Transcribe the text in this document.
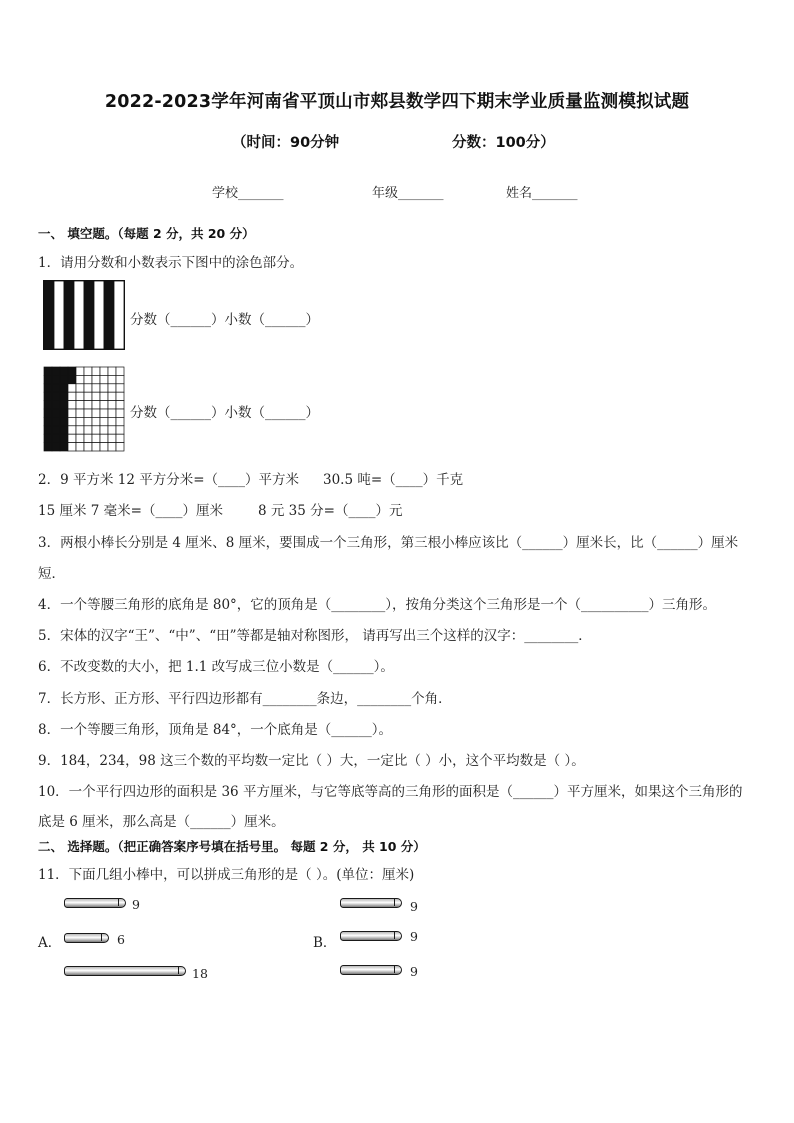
2022-2023学年河南省平顶山市郏县数学四下期末学业质量监测模拟试题
（时间：90分钟	分数：100分）
学校_______	年级_______	姓名_______
一、 填空题。（每题 2 分，共 20 分）
1．请用分数和小数表示下图中的涂色部分。
分数（______）小数（______）
分数（______）小数（______）
2．9 平方米 12 平方分米=（____）平方米 30.5 吨=（____）千克
15 厘米 7 毫米=（____）厘米	8 元 35 分=（____）元
3．两根小棒长分别是 4 厘米、8 厘米，要围成一个三角形，第三根小棒应该比（______）厘米长，比（______）厘米
短．
4．一个等腰三角形的底角是 80°，它的顶角是（________），按角分类这个三角形是一个（__________）三角形。
5．宋体的汉字“王”、“中”、“田”等都是轴对称图形， 请再写出三个这样的汉字：________．
6．不改变数的大小，把 1.1 改写成三位小数是（______）。
7．长方形、正方形、平行四边形都有________条边，________个角．
8．一个等腰三角形，顶角是 84°，一个底角是（______）。
9．184，234，98 这三个数的平均数一定比（ ）大，一定比（ ）小，这个平均数是（ ）。
10．一个平行四边形的面积是 36 平方厘米，与它等底等高的三角形的面积是（______）平方厘米，如果这个三角形的
底是 6 厘米，那么高是（______）厘米。
二、 选择题。（把正确答案序号填在括号里。 每题 2 分， 共 10 分）
11．下面几组小棒中，可以拼成三角形的是（ ）。(单位：厘米)
A．
9
6
18
B．
9
9
9
